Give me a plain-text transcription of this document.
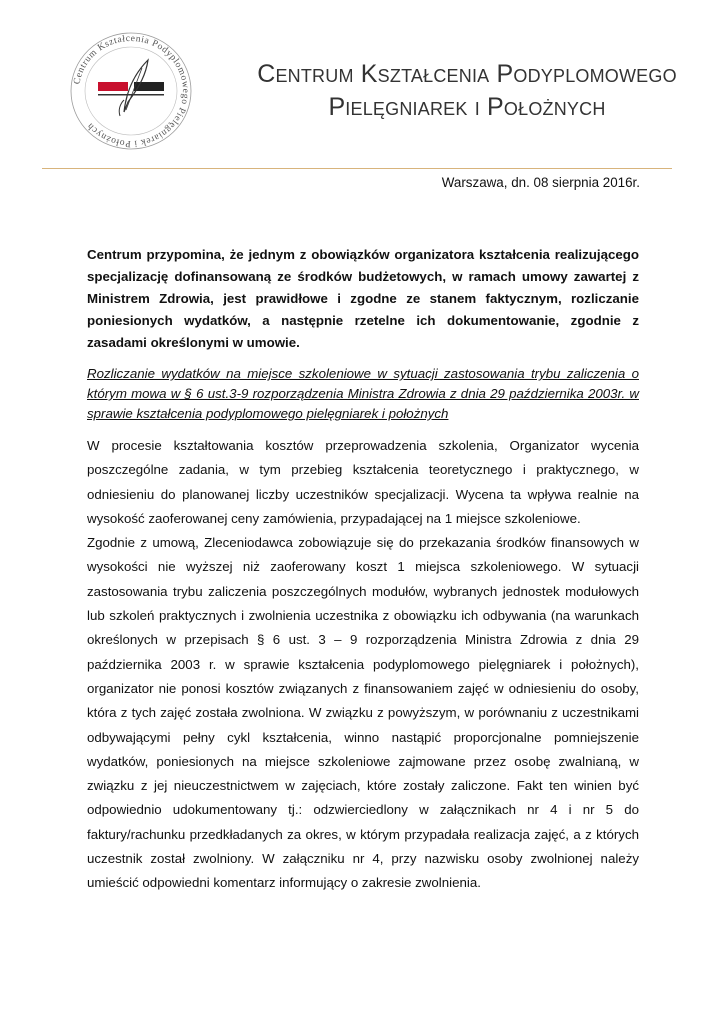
Centrum Kształcenia Podyplomowego Pielęgniarek i Położnych
Centrum Kształcenia Podyplomowego
Pielęgniarek i Położnych
Warszawa, dn. 08 sierpnia 2016r.
Centrum przypomina, że jednym z obowiązków organizatora kształcenia realizującego specjalizację dofinansowaną ze środków budżetowych, w ramach umowy zawartej z Ministrem Zdrowia, jest prawidłowe i zgodne ze stanem faktycznym, rozliczanie poniesionych wydatków, a następnie rzetelne ich dokumentowanie, zgodnie z zasadami określonymi w umowie.
Rozliczanie wydatków na miejsce szkoleniowe w sytuacji zastosowania trybu zaliczenia o którym mowa w § 6 ust.3-9 rozporządzenia Ministra Zdrowia z dnia 29 października 2003r. w sprawie kształcenia podyplomowego pielęgniarek i położnych

W procesie kształtowania kosztów przeprowadzenia szkolenia, Organizator wycenia poszczególne zadania, w tym przebieg kształcenia teoretycznego i praktycznego, w odniesieniu do planowanej liczby uczestników specjalizacji. Wycena ta wpływa realnie na wysokość zaoferowanej ceny zamówienia, przypadającej na 1 miejsce szkoleniowe.

Zgodnie z umową, Zleceniodawca zobowiązuje się do przekazania środków finansowych w wysokości nie wyższej niż zaoferowany koszt 1 miejsca szkoleniowego. W sytuacji zastosowania trybu zaliczenia poszczególnych modułów, wybranych jednostek modułowych lub szkoleń praktycznych i zwolnienia uczestnika z obowiązku ich odbywania (na warunkach określonych w przepisach § 6 ust. 3 – 9 rozporządzenia Ministra Zdrowia z dnia 29 października 2003 r. w sprawie kształcenia podyplomowego pielęgniarek i położnych), organizator nie ponosi kosztów związanych z finansowaniem zajęć w odniesieniu do osoby, która z tych zajęć została zwolniona. W związku z powyższym, w porównaniu z uczestnikami odbywającymi pełny cykl kształcenia, winno nastąpić proporcjonalne pomniejszenie wydatków, poniesionych na miejsce szkoleniowe zajmowane przez osobę zwalnianą, w związku z jej nieuczestnictwem w zajęciach, które zostały zaliczone. Fakt ten winien być odpowiednio udokumentowany tj.: odzwierciedlony w załącznikach nr 4 i nr 5 do faktury/rachunku przedkładanych za okres, w którym przypadała realizacja zajęć, a z których uczestnik został zwolniony. W załączniku nr 4, przy nazwisku osoby zwolnionej należy umieścić odpowiedni komentarz informujący o zakresie zwolnienia.
